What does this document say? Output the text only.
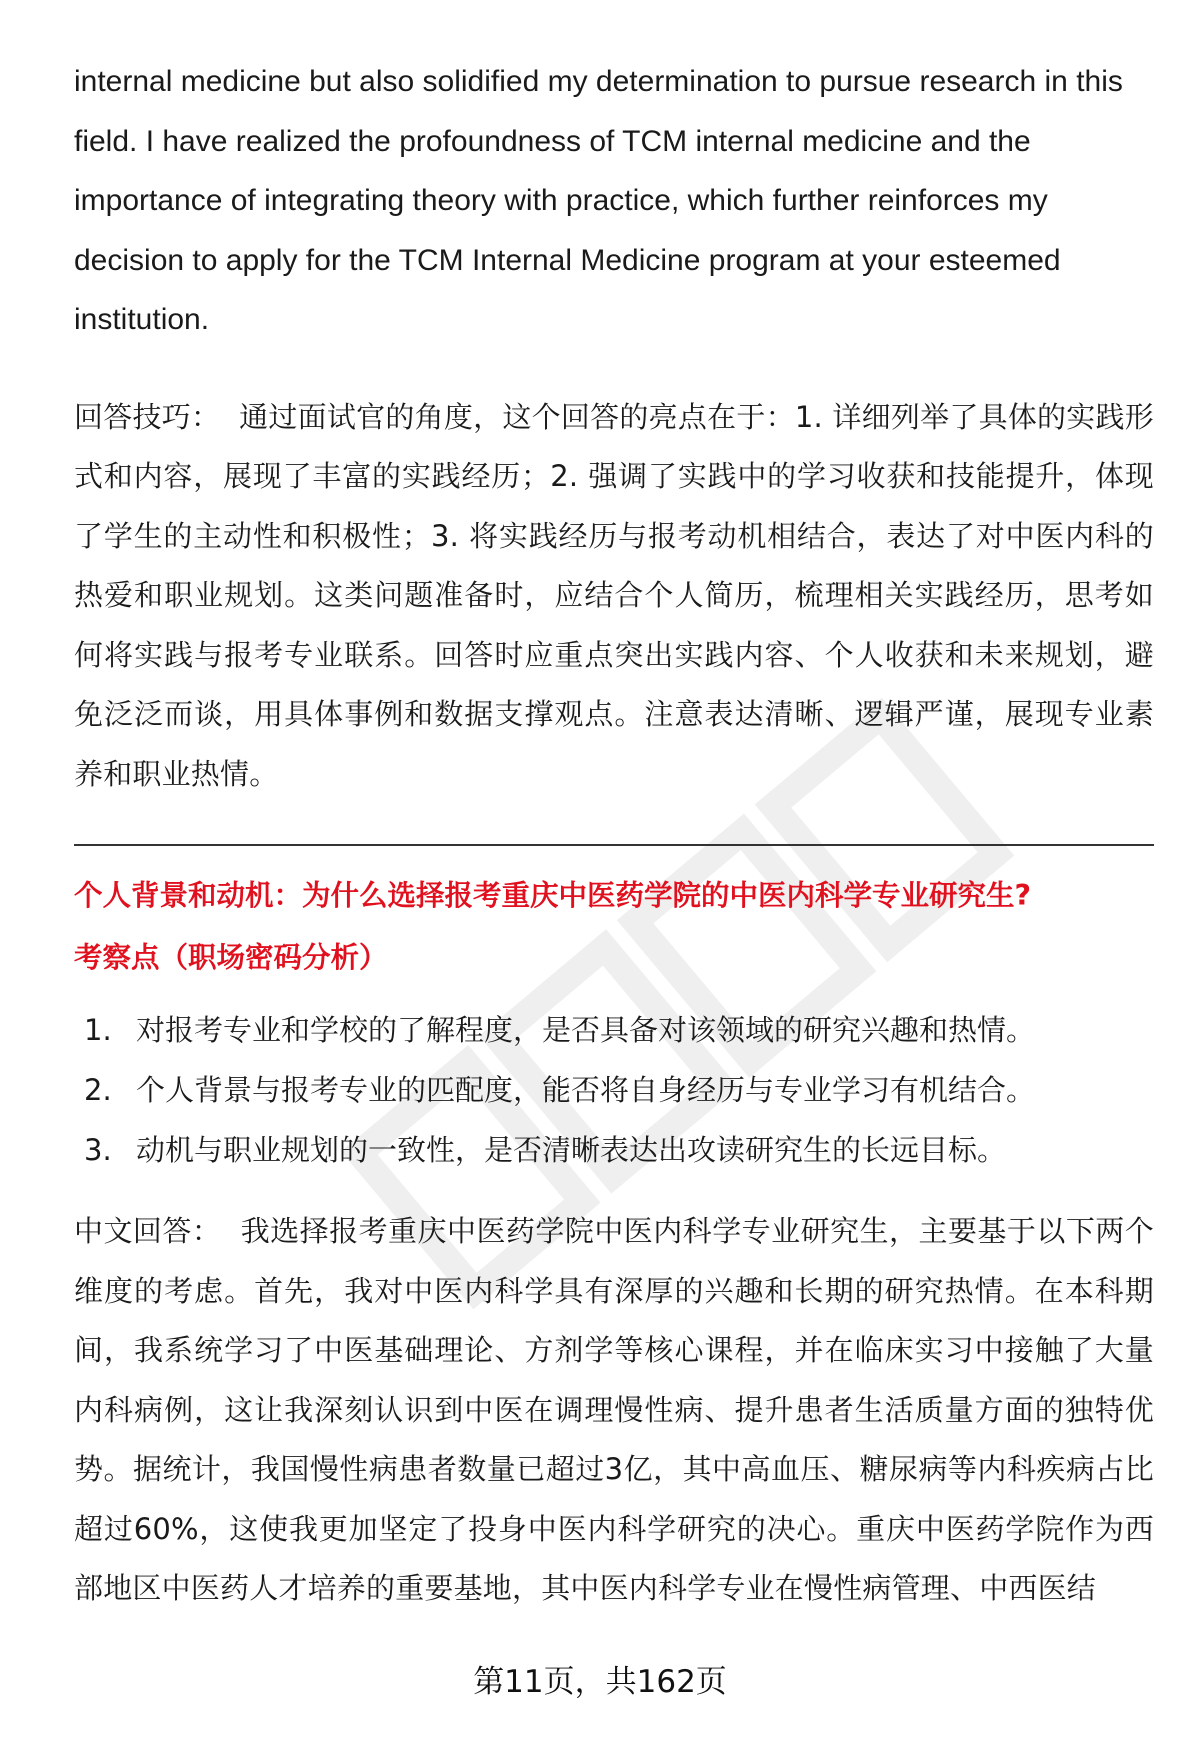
internal medicine but also solidified my determination to pursue research in this field. I have realized the profoundness of TCM internal medicine and the importance of integrating theory with practice, which further reinforces my decision to apply for the TCM Internal Medicine program at your esteemed institution.

回答技巧： 通过面试官的角度，这个回答的亮点在于：1. 详细列举了具体的实践形式和内容，展现了丰富的实践经历；2. 强调了实践中的学习收获和技能提升，体现了学生的主动性和积极性；3. 将实践经历与报考动机相结合，表达了对中医内科的热爱和职业规划。这类问题准备时，应结合个人简历，梳理相关实践经历，思考如何将实践与报考专业联系。回答时应重点突出实践内容、个人收获和未来规划，避免泛泛而谈，用具体事例和数据支撑观点。注意表达清晰、逻辑严谨，展现专业素养和职业热情。

个人背景和动机：为什么选择报考重庆中医药学院的中医内科学专业研究生?

考察点（职场密码分析）

1. 对报考专业和学校的了解程度，是否具备对该领域的研究兴趣和热情。
2. 个人背景与报考专业的匹配度，能否将自身经历与专业学习有机结合。
3. 动机与职业规划的一致性，是否清晰表达出攻读研究生的长远目标。

中文回答： 我选择报考重庆中医药学院中医内科学专业研究生，主要基于以下两个维度的考虑。首先，我对中医内科学具有深厚的兴趣和长期的研究热情。在本科期间，我系统学习了中医基础理论、方剂学等核心课程，并在临床实习中接触了大量内科病例，这让我深刻认识到中医在调理慢性病、提升患者生活质量方面的独特优势。据统计，我国慢性病患者数量已超过3亿，其中高血压、糖尿病等内科疾病占比超过60%，这使我更加坚定了投身中医内科学研究的决心。重庆中医药学院作为西部地区中医药人才培养的重要基地，其中医内科学专业在慢性病管理、中西医结

第11页，共162页
